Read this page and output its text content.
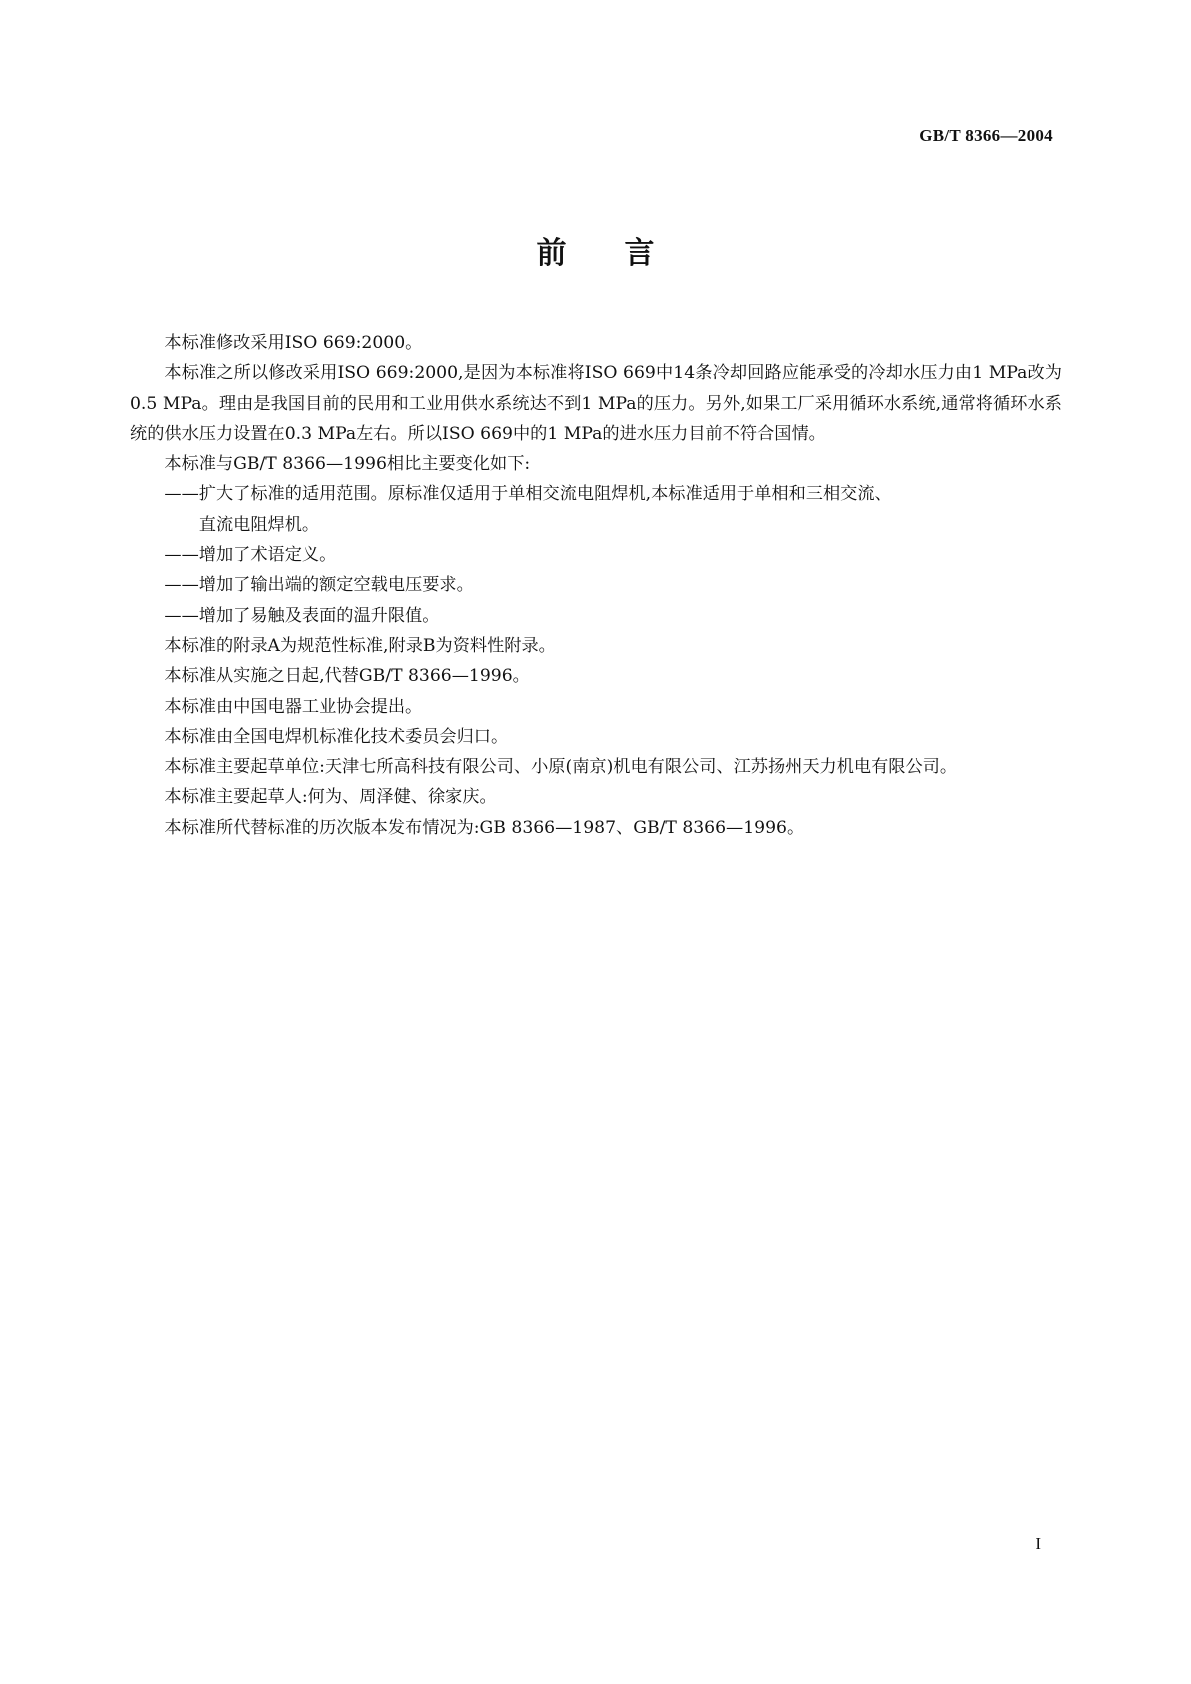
GB/T 8366—2004
前 言

本标准修改采用ISO 669:2000。

本标准之所以修改采用ISO 669:2000,是因为本标准将ISO 669中14条冷却回路应能承受的冷却水压力由1 MPa改为0.5 MPa。理由是我国目前的民用和工业用供水系统达不到1 MPa的压力。另外,如果工厂采用循环水系统,通常将循环水系统的供水压力设置在0.3 MPa左右。所以ISO 669中的1 MPa的进水压力目前不符合国情。

本标准与GB/T 8366—1996相比主要变化如下:

——扩大了标准的适用范围。原标准仅适用于单相交流电阻焊机,本标准适用于单相和三相交流、
直流电阻焊机。

——增加了术语定义。

——增加了输出端的额定空载电压要求。

——增加了易触及表面的温升限值。

本标准的附录A为规范性标准,附录B为资料性附录。

本标准从实施之日起,代替GB/T 8366—1996。

本标准由中国电器工业协会提出。

本标准由全国电焊机标准化技术委员会归口。

本标准主要起草单位:天津七所高科技有限公司、小原(南京)机电有限公司、江苏扬州天力机电有限公司。

本标准主要起草人:何为、周泽健、徐家庆。

本标准所代替标准的历次版本发布情况为:GB 8366—1987、GB/T 8366—1996。

I
